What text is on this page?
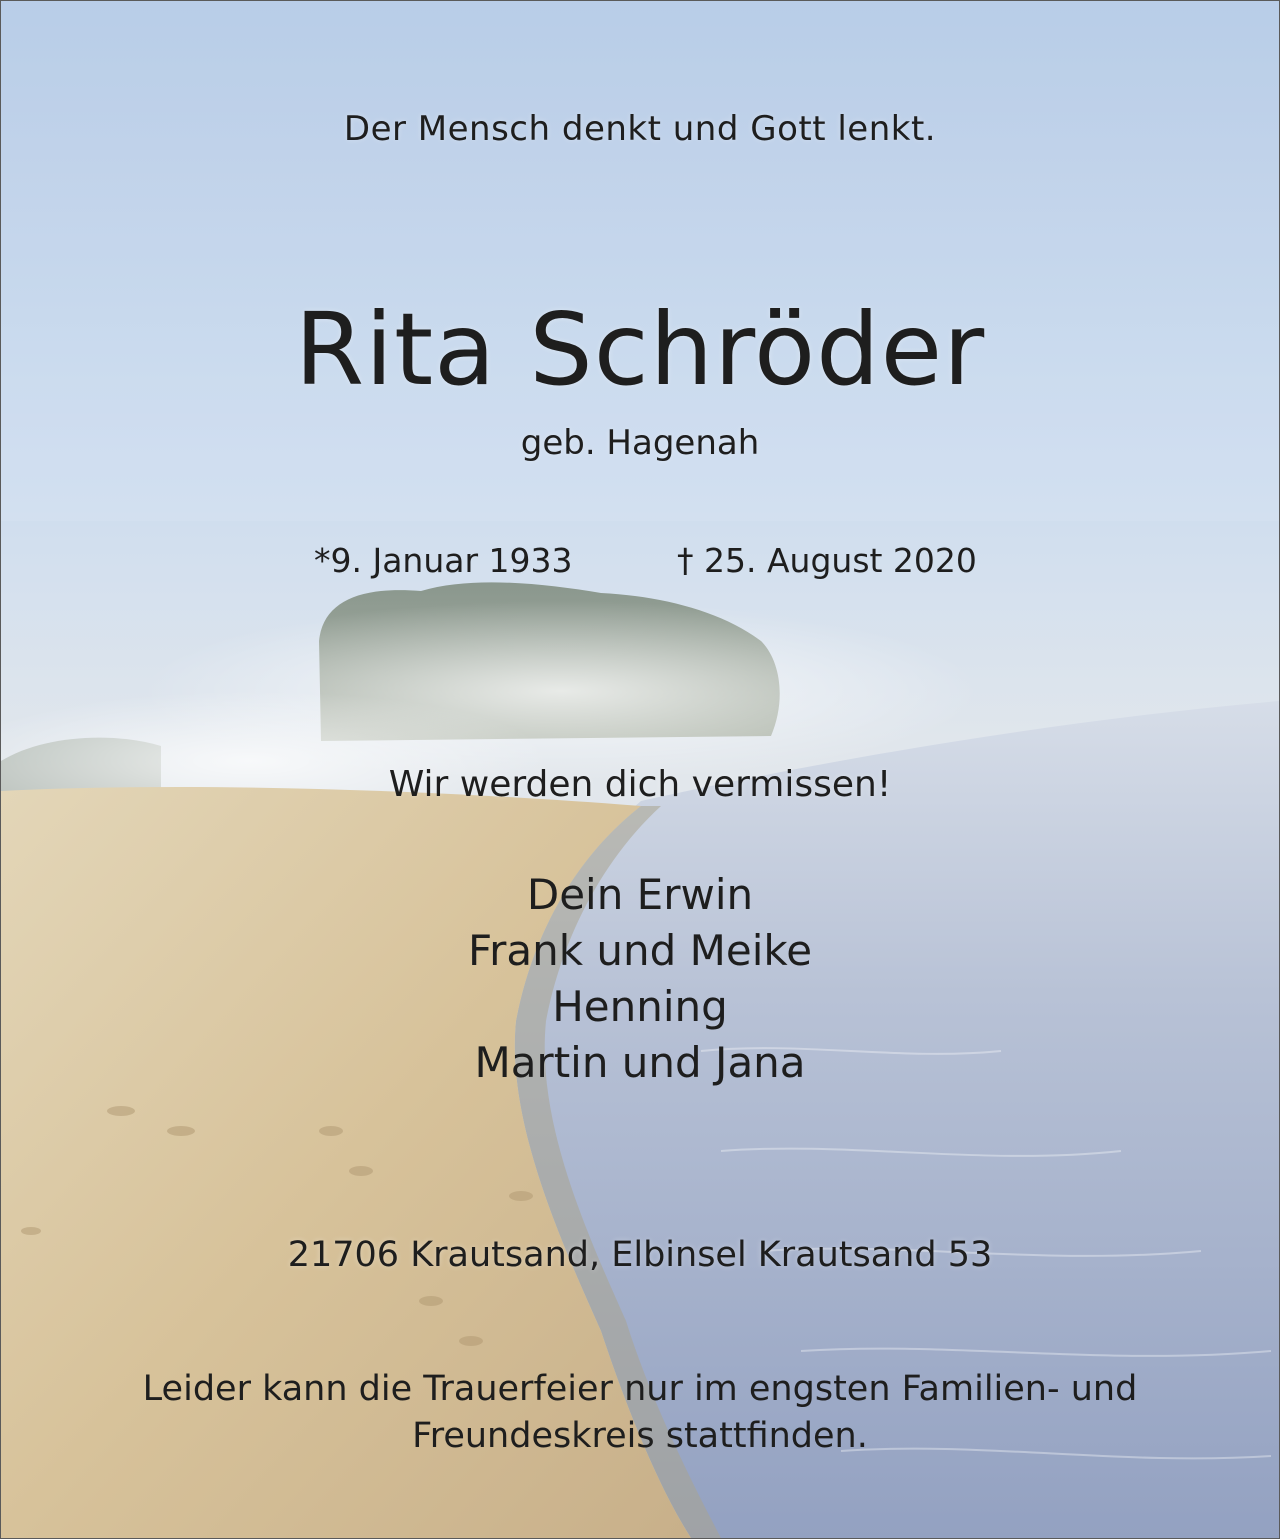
Der Mensch denkt und Gott lenkt.
Rita Schröder
geb. Hagenah
*9. Januar 1933	† 25. August 2020
Wir werden dich vermissen!
Dein Erwin
Frank und Meike
Henning
Martin und Jana
21706 Krautsand, Elbinsel Krautsand 53
Leider kann die Trauerfeier nur im engsten Familien- und
Freundeskreis stattfinden.
